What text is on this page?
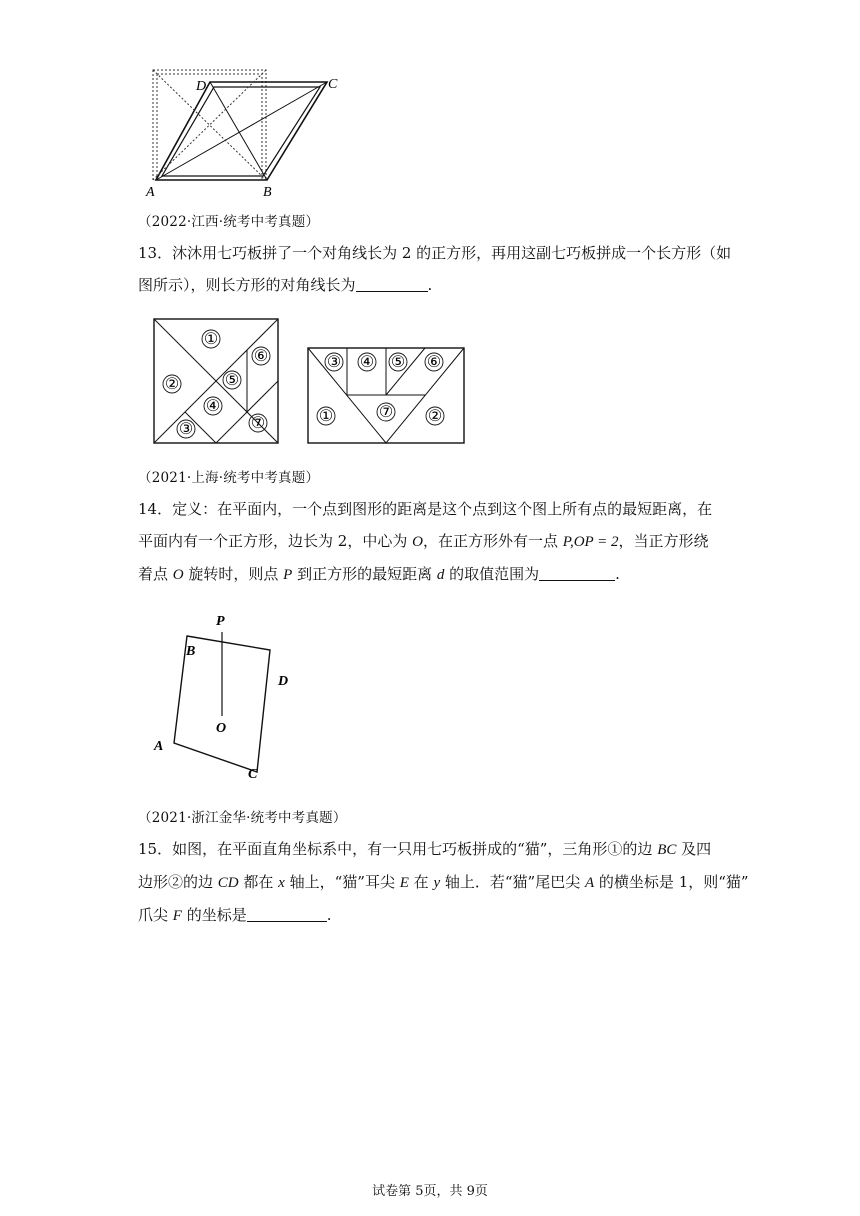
A	B
C
D
（2022·江西·统考中考真题）
13．沐沐用七巧板拼了一个对角线长为 2 的正方形，再用这副七巧板拼成一个长方形（如
图所示），则长方形的对角线长为	.
①
②
③
④
⑤
⑥
⑦
③ ④ ⑤ ⑥
①	⑦ ②
（2021·上海·统考中考真题）
14．定义：在平面内，一个点到图形的距离是这个点到这个图上所有点的最短距离，在
平面内有一个正方形，边长为 2，中心为 O，在正方形外有一点 P,OP = 2，当正方形绕
着点 O 旋转时，则点 P 到正方形的最短距离 d 的取值范围为	.
P
B
D
O
A
C
（2021·浙江金华·统考中考真题）
15．如图，在平面直角坐标系中，有一只用七巧板拼成的“猫”，三角形①的边 BC 及四
边形②的边 CD 都在 x 轴上，“猫”耳尖 E 在 y 轴上．若“猫”尾巴尖 A 的横坐标是 1，则“猫”
爪尖 F 的坐标是	.
试卷第 5页，共 9页
